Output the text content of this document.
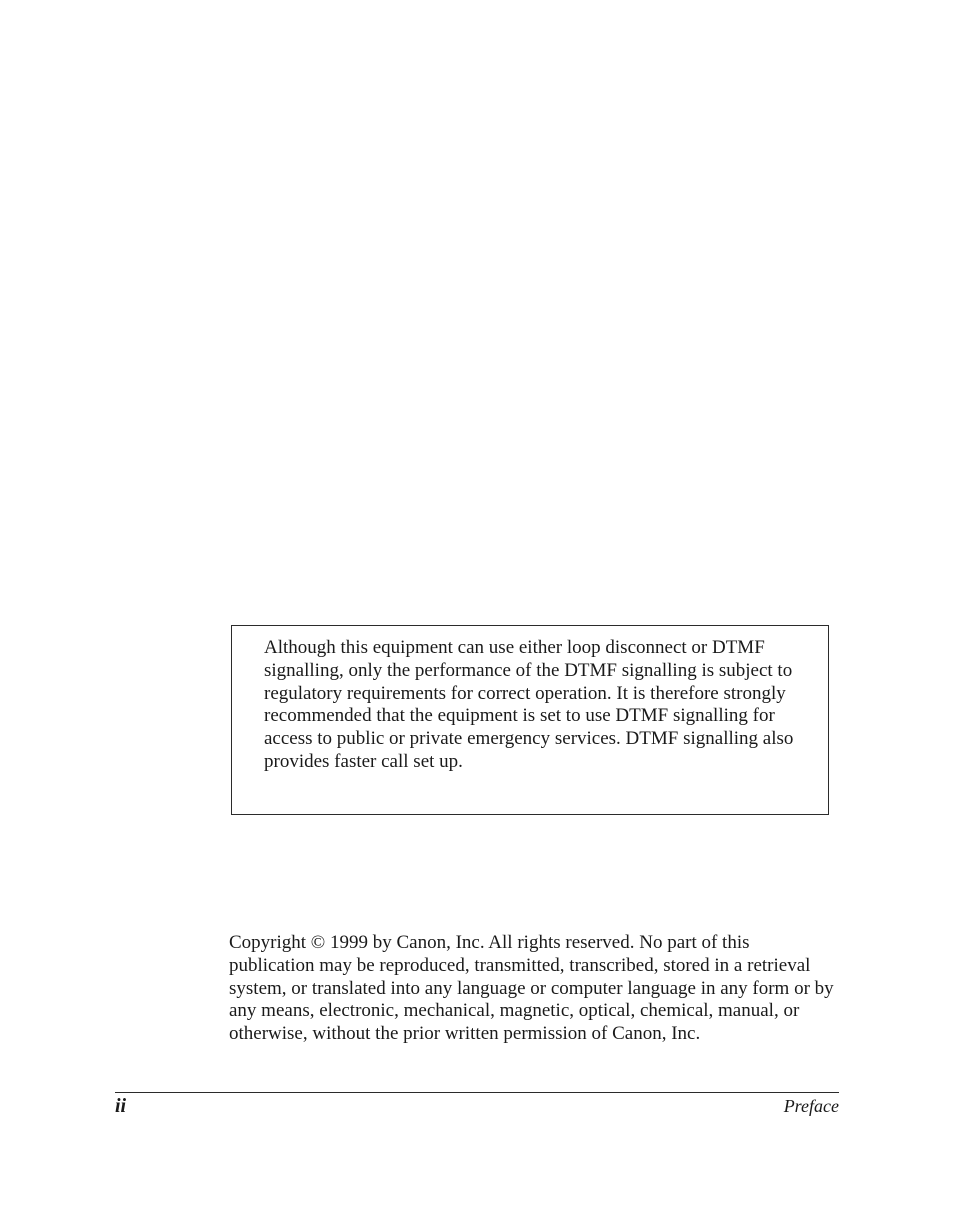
Although this equipment can use either loop disconnect or DTMF signalling, only the performance of the DTMF signalling is subject to regulatory requirements for correct operation. It is therefore strongly recommended that the equipment is set to use DTMF signalling for access to public or private emergency services. DTMF signalling also provides faster call set up.

Copyright © 1999 by Canon, Inc. All rights reserved. No part of this publication may be reproduced, transmitted, transcribed, stored in a retrieval system, or translated into any language or computer language in any form or by any means, electronic, mechanical, magnetic, optical, chemical, manual, or otherwise, without the prior written permission of Canon, Inc.

ii	Preface
